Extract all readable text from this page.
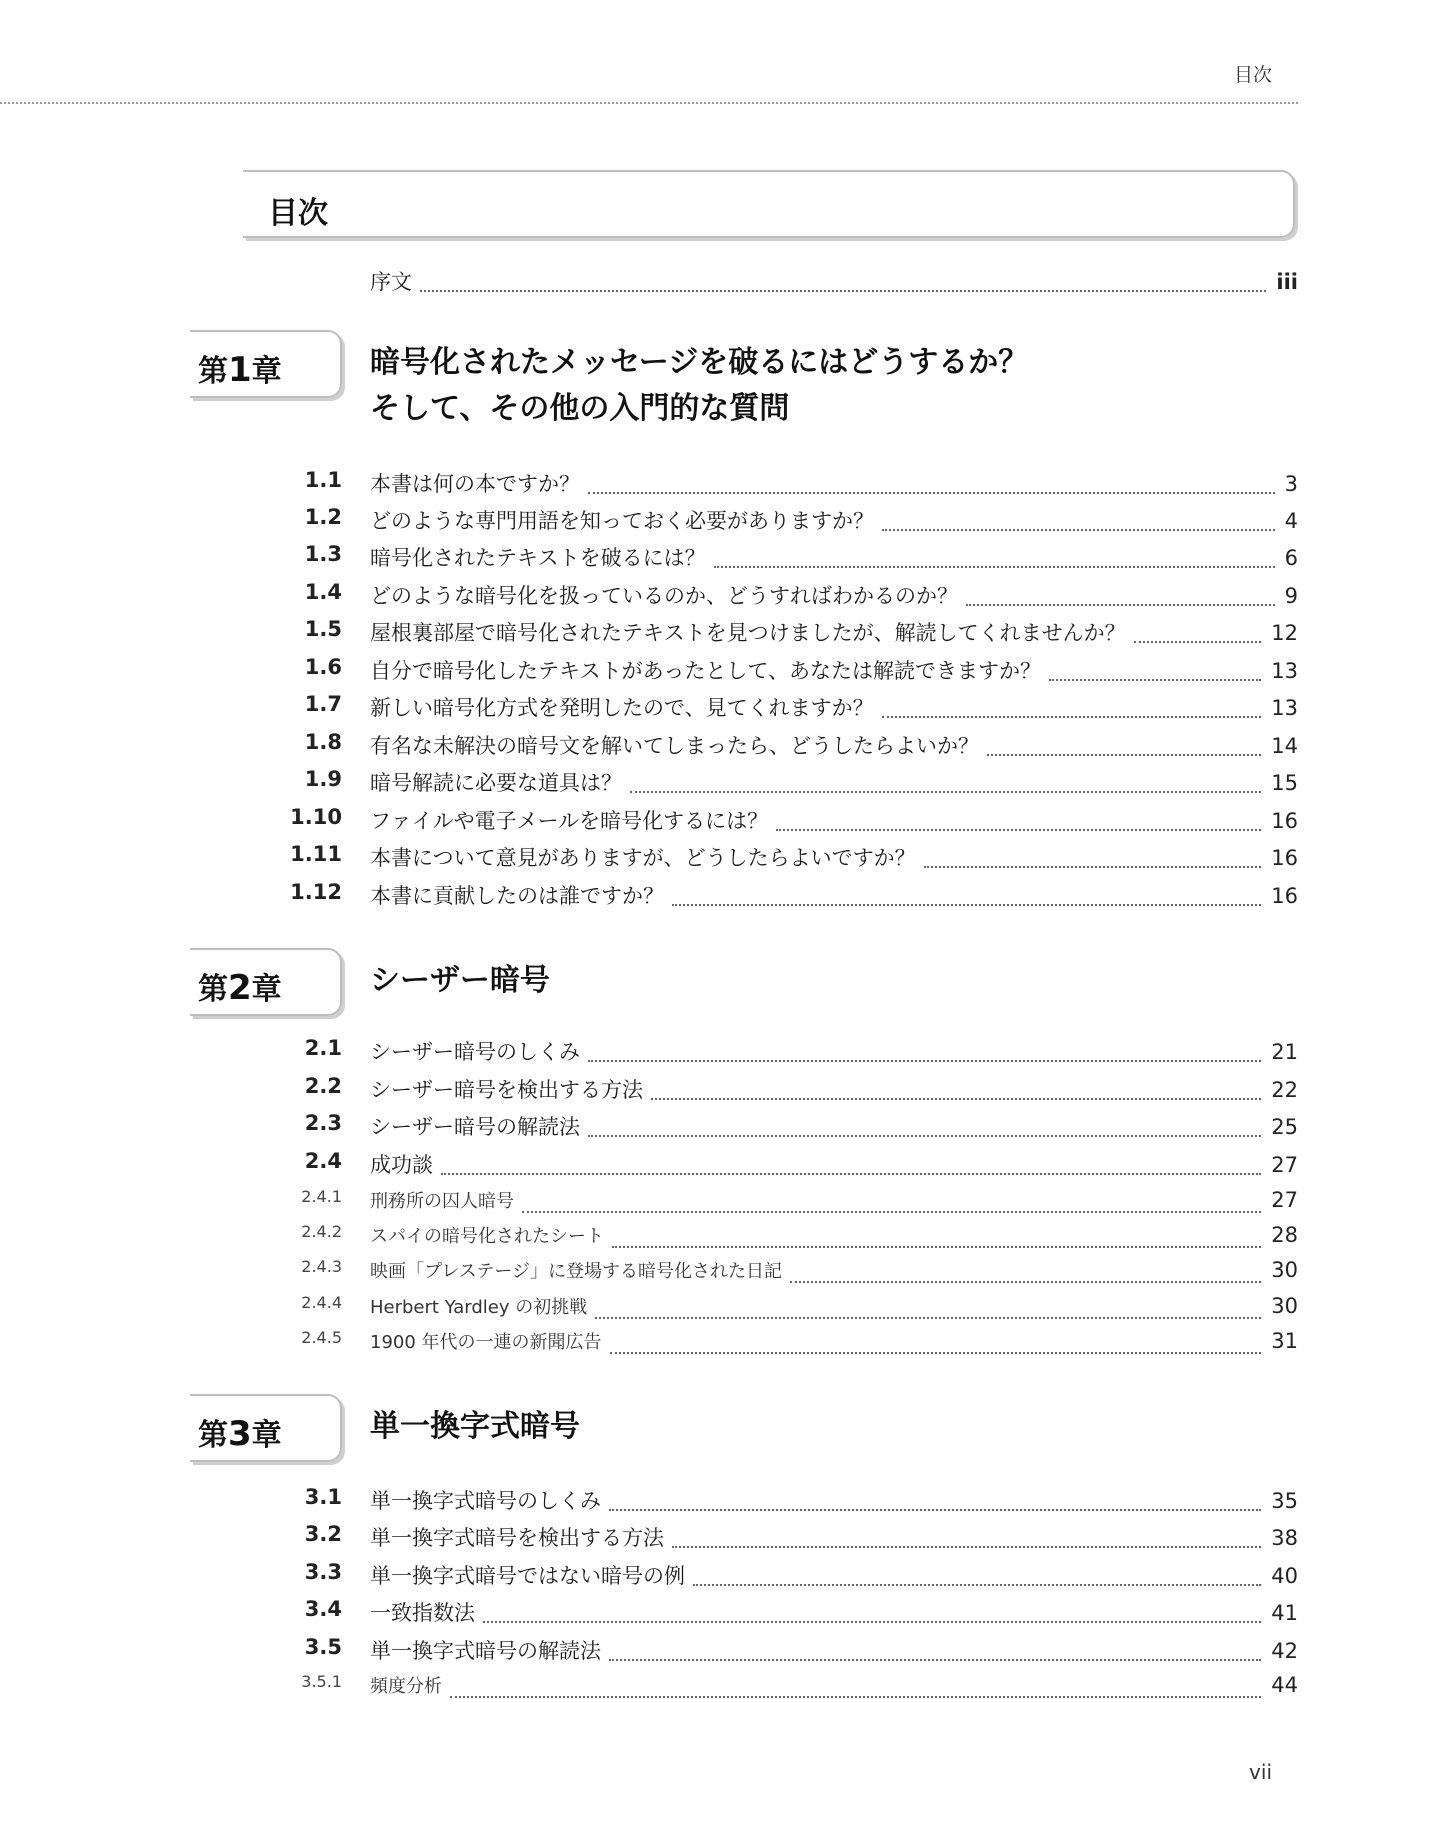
目次
目次
序文	iii
第1章	暗号化されたメッセージを破るにはどうするか？
そして、その他の入門的な質問
1.1	本書は何の本ですか？	3
1.2	どのような専門用語を知っておく必要がありますか？	4
1.3	暗号化されたテキストを破るには？	6
1.4	どのような暗号化を扱っているのか、どうすればわかるのか？	9
1.5	屋根裏部屋で暗号化されたテキストを見つけましたが、解読してくれませんか？	12
1.6	自分で暗号化したテキストがあったとして、あなたは解読できますか？	13
1.7	新しい暗号化方式を発明したので、見てくれますか？	13
1.8	有名な未解決の暗号文を解いてしまったら、どうしたらよいか？	14
1.9	暗号解読に必要な道具は？	15
1.10	ファイルや電子メールを暗号化するには？	16
1.11	本書について意見がありますが、どうしたらよいですか？	16
1.12	本書に貢献したのは誰ですか？	16
第2章	シーザー暗号
2.1	シーザー暗号のしくみ	21
2.2	シーザー暗号を検出する方法	22
2.3	シーザー暗号の解読法	25
2.4	成功談	27
2.4.1	刑務所の囚人暗号	27
2.4.2	スパイの暗号化されたシート	28
2.4.3	映画「プレステージ」に登場する暗号化された日記	30
2.4.4	Herbert Yardley の初挑戦	30
2.4.5	1900 年代の一連の新聞広告	31
第3章	単一換字式暗号
3.1	単一換字式暗号のしくみ	35
3.2	単一換字式暗号を検出する方法	38
3.3	単一換字式暗号ではない暗号の例	40
3.4	一致指数法	41
3.5	単一換字式暗号の解読法	42
3.5.1	頻度分析	44
vii
